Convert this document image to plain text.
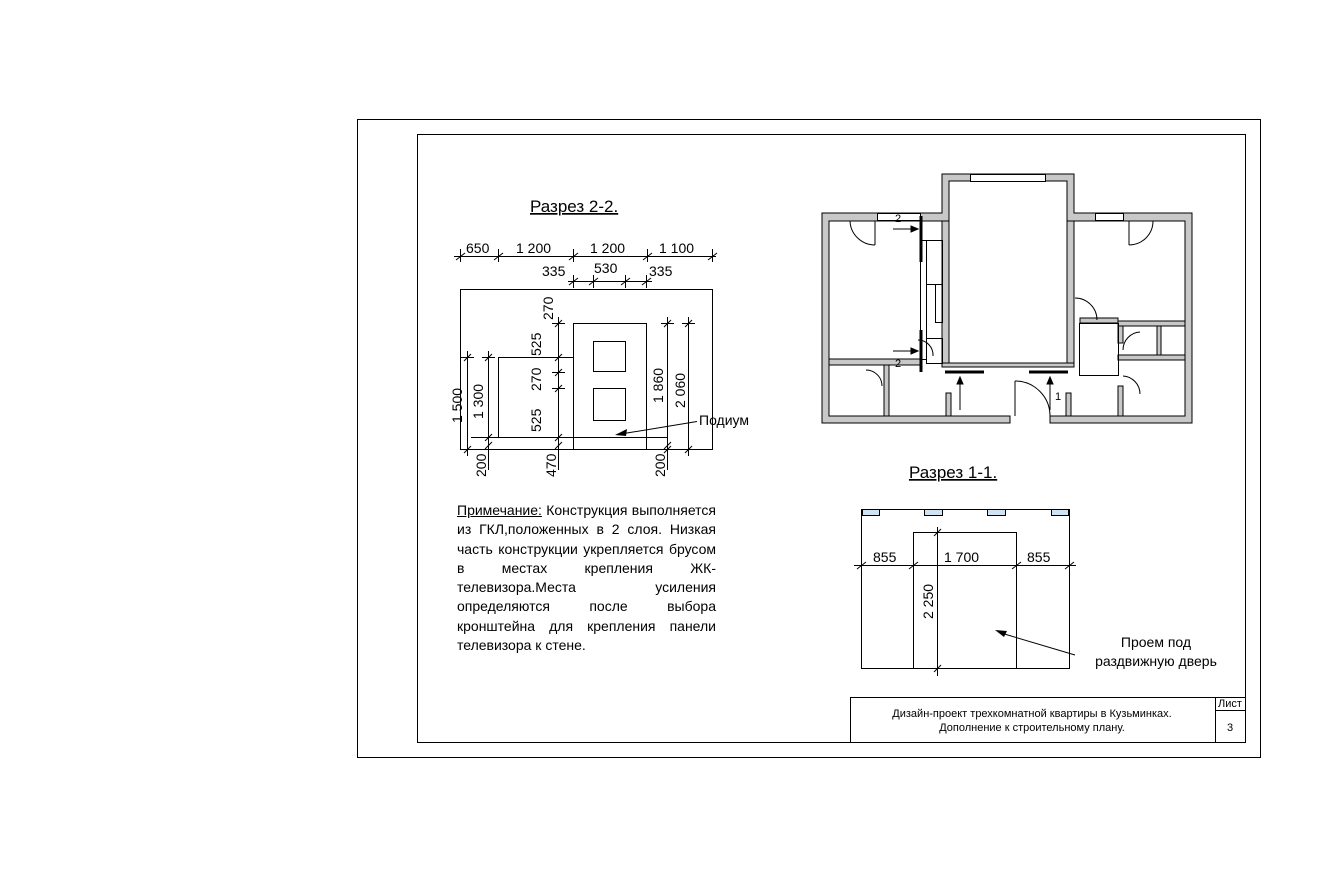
Разрез 2-2.
650 1 200	1 200 1 100
335 530 335
1 500 1 300
270
525
270
525
1 860 2 060
200	470	200
Подиум
2
2
1
Разрез 1-1.
855	1 700	855
2 250
Проем под
раздвижную дверь
Дизайн-проект трехкомнатной квартиры в Кузьминках.
Дополнение к строительному плану.
Лист
3
Примечание: Конструкция выполняется из ГКЛ,положенных в 2 слоя. Низкая часть конструкции укрепляется брусом в местах крепления ЖК-телевизора.Места усиления определяются после выбора кронштейна для крепления панели телевизора к стене.
